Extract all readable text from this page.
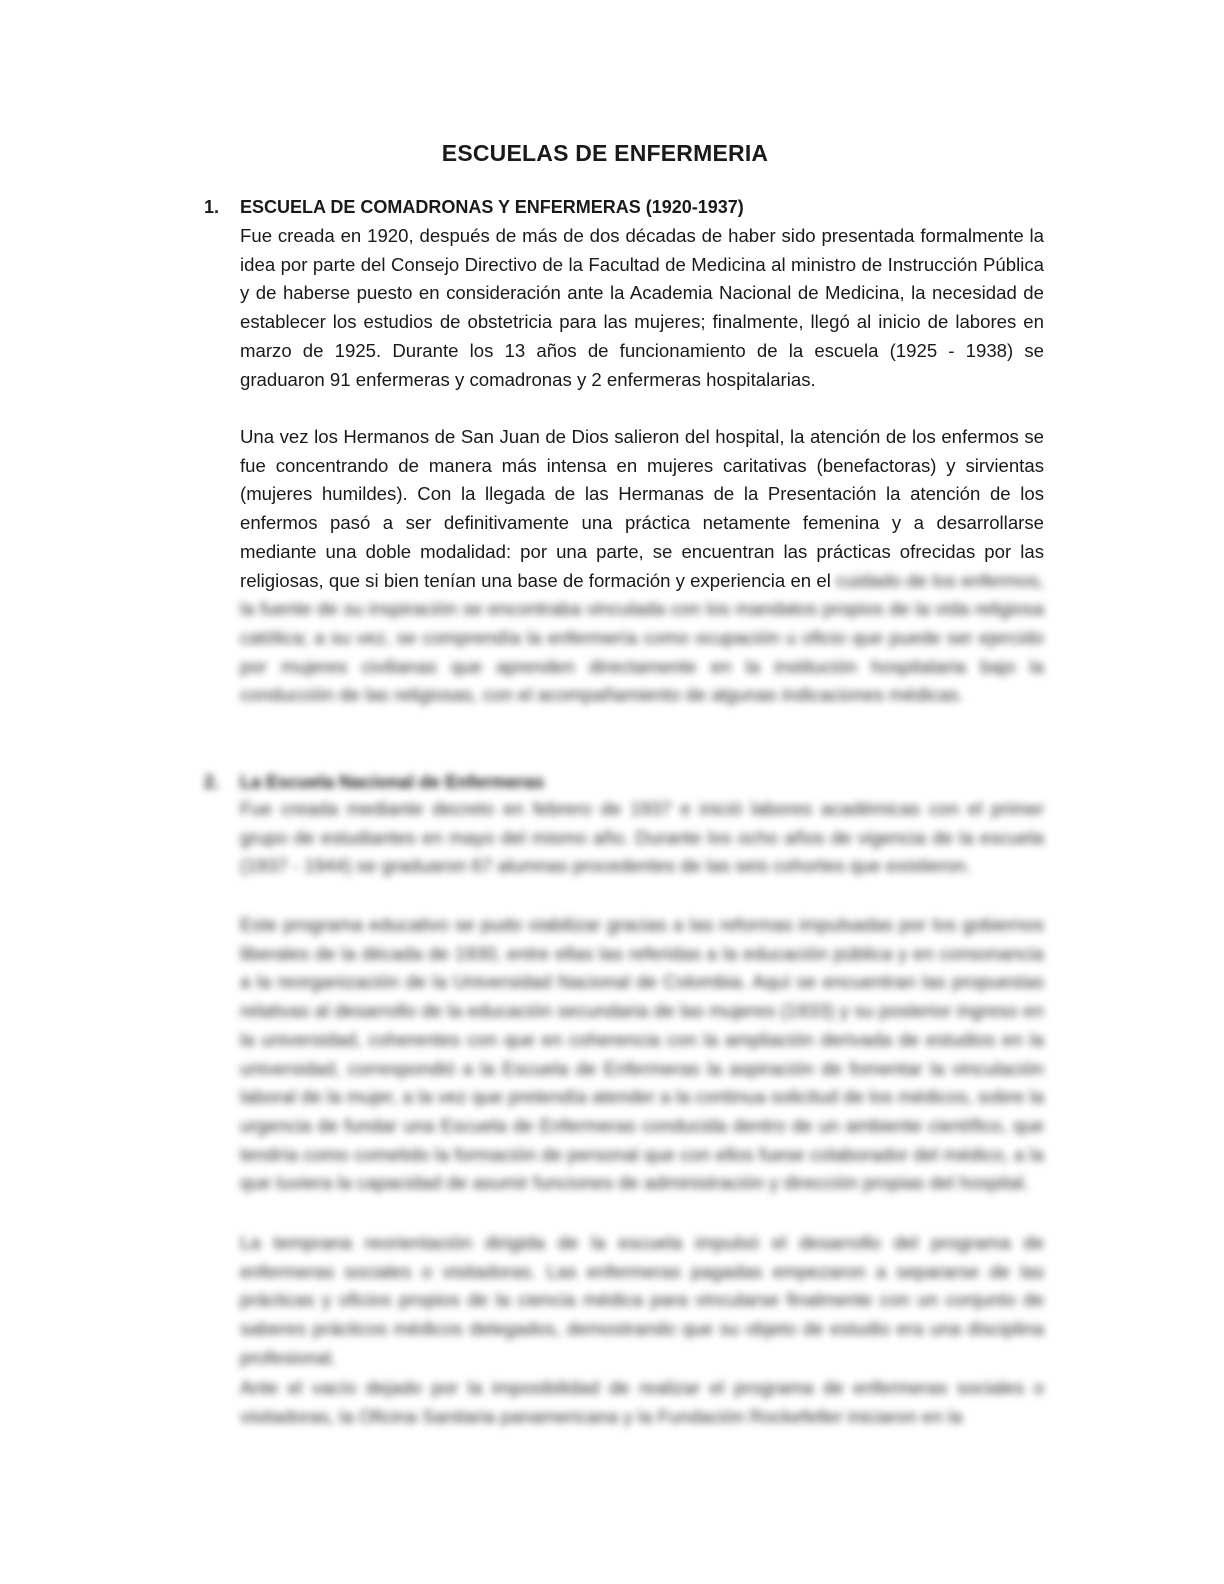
ESCUELAS DE ENFERMERIA
1. ESCUELA DE COMADRONAS Y ENFERMERAS (1920-1937)
Fue creada en 1920, después de más de dos décadas de haber sido presentada formalmente la idea por parte del Consejo Directivo de la Facultad de Medicina al ministro de Instrucción Pública y de haberse puesto en consideración ante la Academia Nacional de Medicina, la necesidad de establecer los estudios de obstetricia para las mujeres; finalmente, llegó al inicio de labores en marzo de 1925. Durante los 13 años de funcionamiento de la escuela (1925 - 1938) se graduaron 91 enfermeras y comadronas y 2 enfermeras hospitalarias.
Una vez los Hermanos de San Juan de Dios salieron del hospital, la atención de los enfermos se fue concentrando de manera más intensa en mujeres caritativas (benefactoras) y sirvientas (mujeres humildes). Con la llegada de las Hermanas de la Presentación la atención de los enfermos pasó a ser definitivamente una práctica netamente femenina y a desarrollarse mediante una doble modalidad: por una parte, se encuentran las prácticas ofrecidas por las religiosas, que si bien tenían una base de formación y experiencia en el cuidado de los enfermos, la fuente de su inspiración se encontraba vinculada con los mandatos propios de la vida religiosa católica; a su vez, se comprendía la enfermería como ocupación u oficio que puede ser ejercido por mujeres civilianas que aprenden directamente en la institución hospitalaria bajo la conducción de las religiosas, con el acompañamiento de algunas indicaciones médicas.
2. La Escuela Nacional de Enfermeras
Fue creada mediante decreto en febrero de 1937 e inició labores académicas con el primer grupo de estudiantes en mayo del mismo año. Durante los ocho años de vigencia de la escuela (1937 - 1944) se graduaron 67 alumnas procedentes de las seis cohortes que existieron.
Este programa educativo se pudo viabilizar gracias a las reformas impulsadas por los gobiernos liberales de la década de 1930, entre ellas las referidas a la educación pública y en consonancia a la reorganización de la Universidad Nacional de Colombia. Aquí se encuentran las propuestas relativas al desarrollo de la educación secundaria de las mujeres (1933) y su posterior ingreso en la universidad, coherentes con que en coherencia con la ampliación derivada de estudios en la universidad, correspondió a la Escuela de Enfermeras la aspiración de fomentar la vinculación laboral de la mujer, a la vez que pretendía atender a la continua solicitud de los médicos, sobre la urgencia de fundar una Escuela de Enfermeras conducida dentro de un ambiente científico, que tendría como cometido la formación de personal que con ellos fuese colaborador del médico, a la que tuviera la capacidad de asumir funciones de administración y dirección propias del hospital.
La temprana reorientación dirigida de la escuela impulsó el desarrollo del programa de enfermeras sociales o visitadoras. Las enfermeras pagadas empezaron a separarse de las prácticas y oficios propios de la ciencia médica para vincularse finalmente con un conjunto de saberes prácticos médicos delegados, demostrando que su objeto de estudio era una disciplina profesional.
Ante el vacío dejado por la imposibilidad de realizar el programa de enfermeras sociales o visitadoras, la Oficina Sanitaria panamericana y la Fundación Rockefeller iniciaron en la
